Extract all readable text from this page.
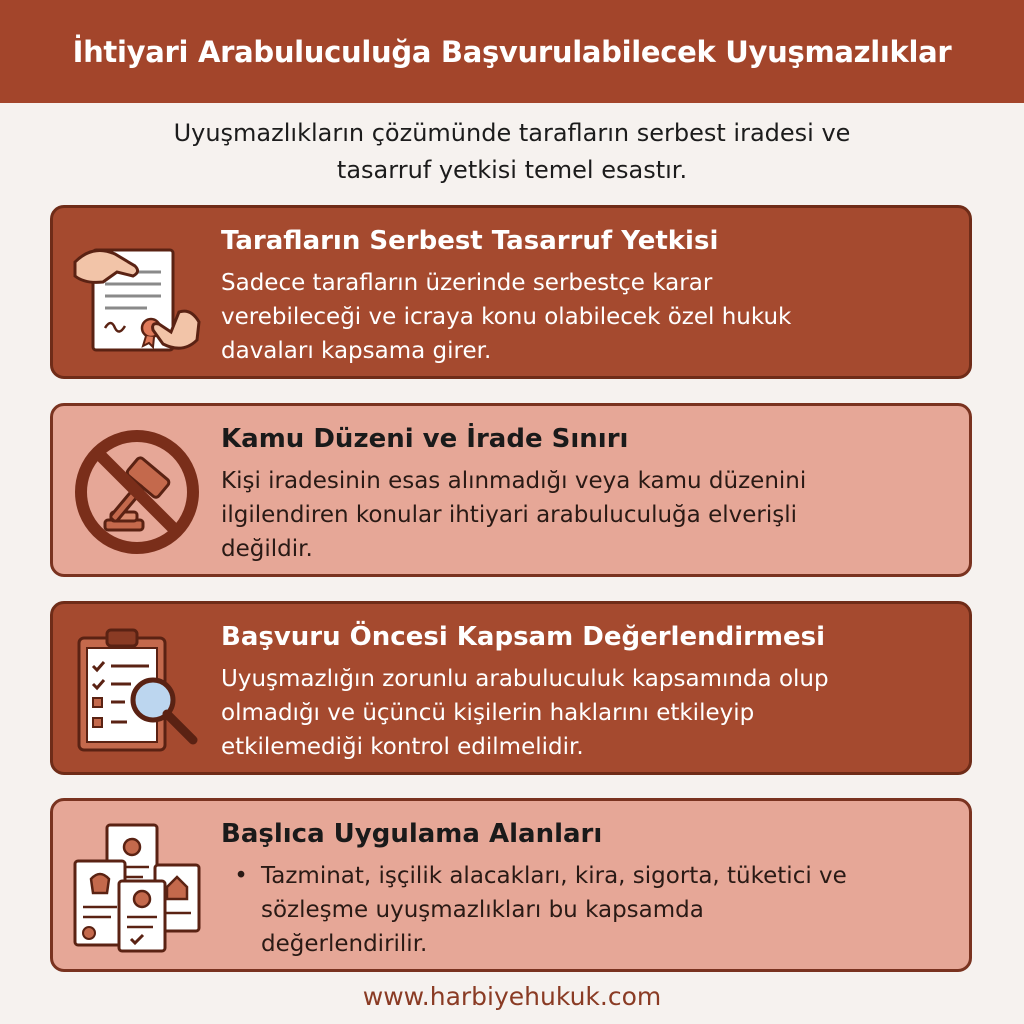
İhtiyari Arabuluculuğa Başvurulabilecek Uyuşmazlıklar
Uyuşmazlıkların çözümünde tarafların serbest iradesi ve
tasarruf yetkisi temel esastır.
Tarafların Serbest Tasarruf Yetkisi
Sadece tarafların üzerinde serbestçe karar
verebileceği ve icraya konu olabilecek özel hukuk
davaları kapsama girer.
Kamu Düzeni ve İrade Sınırı
Kişi iradesinin esas alınmadığı veya kamu düzenini
ilgilendiren konular ihtiyari arabuluculuğa elverişli
değildir.
Başvuru Öncesi Kapsam Değerlendirmesi
Uyuşmazlığın zorunlu arabuluculuk kapsamında olup
olmadığı ve üçüncü kişilerin haklarını etkileyip
etkilemediği kontrol edilmelidir.
Başlıca Uygulama Alanları
• Tazminat, işçilik alacakları, kira, sigorta, tüketici ve
sözleşme uyuşmazlıkları bu kapsamda
değerlendirilir.
www.harbiyehukuk.com
